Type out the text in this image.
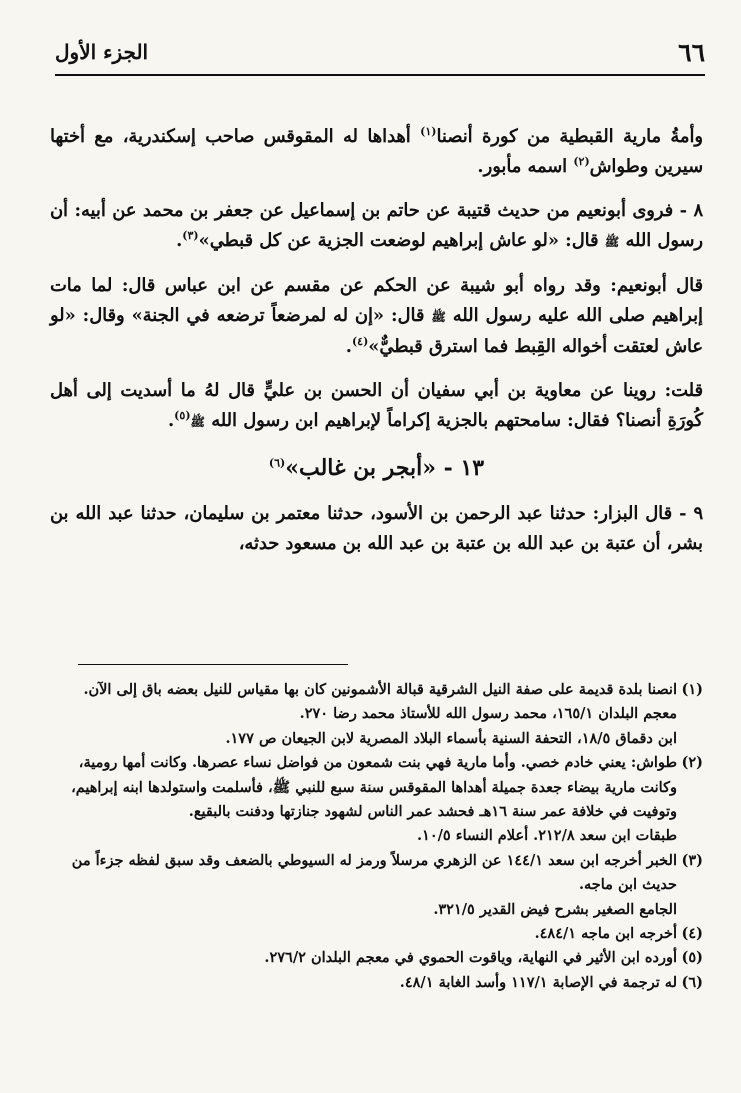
٦٦
الجزء الأول

وأمةُ مارية القبطية من كورة أنصنا$^{(١)}$ أهداها له المقوقس صاحب إسكندرية، مع أختها سيرين وطواش$^{(٢)}$ اسمه مأبور.

٨ - فروى أبونعيم من حديث قتيبة عن حاتم بن إسماعيل عن جعفر بن محمد عن أبيه: أن رسول الله ﷺ قال: «لو عاش إبراهيم لوضعت الجزية عن كل قبطي»$^{(٣)}$.

قال أبونعيم: وقد رواه أبو شيبة عن الحكم عن مقسم عن ابن عباس قال: لما مات إبراهيم صلى الله عليه رسول الله ﷺ قال: «إن له لمرضعاً ترضعه في الجنة» وقال: «لو عاش لعتقت أخواله القِبط فما استرق قبطيٌّ»$^{(٤)}$.

قلت: روينا عن معاوية بن أبي سفيان أن الحسن بن عليٍّ قال لهُ ما أسديت إلى أهل كُورَةِ أنصنا؟ فقال: سامحتهم بالجزية إكراماً لإبراهيم ابن رسول الله ﷺ$^{(٥)}$.

١٣ - «أبجر بن غالب»$^{(٦)}$

٩ - قال البزار: حدثنا عبد الرحمن بن الأسود، حدثنا معتمر بن سليمان، حدثنا عبد الله بن بشر، أن عتبة بن عبد الله بن عتبة بن عبد الله بن مسعود حدثه،

(١)
انصنا بلدة قديمة على صفة النيل الشرقية قبالة الأشمونين كان بها مقياس للنيل بعضه باق إلى الآن.
معجم البلدان ١٦٥/١، محمد رسول الله للأستاذ محمد رضا ٢٧٠.
ابن دقماق ١٨/٥، التحفة السنية بأسماء البلاد المصرية لابن الجيعان ص ١٧٧.
(٢)
طواش: يعني خادم خصي. وأما مارية فهي بنت شمعون من فواضل نساء عصرها. وكانت أمها رومية، وكانت مارية بيضاء جعدة جميلة أهداها المقوقس سنة سبع للنبي ﷺ، فأسلمت واستولدها ابنه إبراهيم، وتوفيت في خلافة عمر سنة ١٦هـ فحشد عمر الناس لشهود جنازتها ودفنت بالبقيع.
طبقات ابن سعد ٢١٢/٨. أعلام النساء ١٠/٥.
(٣)
الخبر أخرجه ابن سعد ١٤٤/١ عن الزهري مرسلاً ورمز له السيوطي بالضعف وقد سبق لفظه جزءاً من حديث ابن ماجه.
الجامع الصغير بشرح فيض القدير ٣٢١/٥.
(٤)
أخرجه ابن ماجه ٤٨٤/١.
(٥)
أورده ابن الأثير في النهاية، وياقوت الحموي في معجم البلدان ٢٧٦/٢.
(٦)
له ترجمة في الإصابة ١١٧/١ وأسد الغابة ٤٨/١.
